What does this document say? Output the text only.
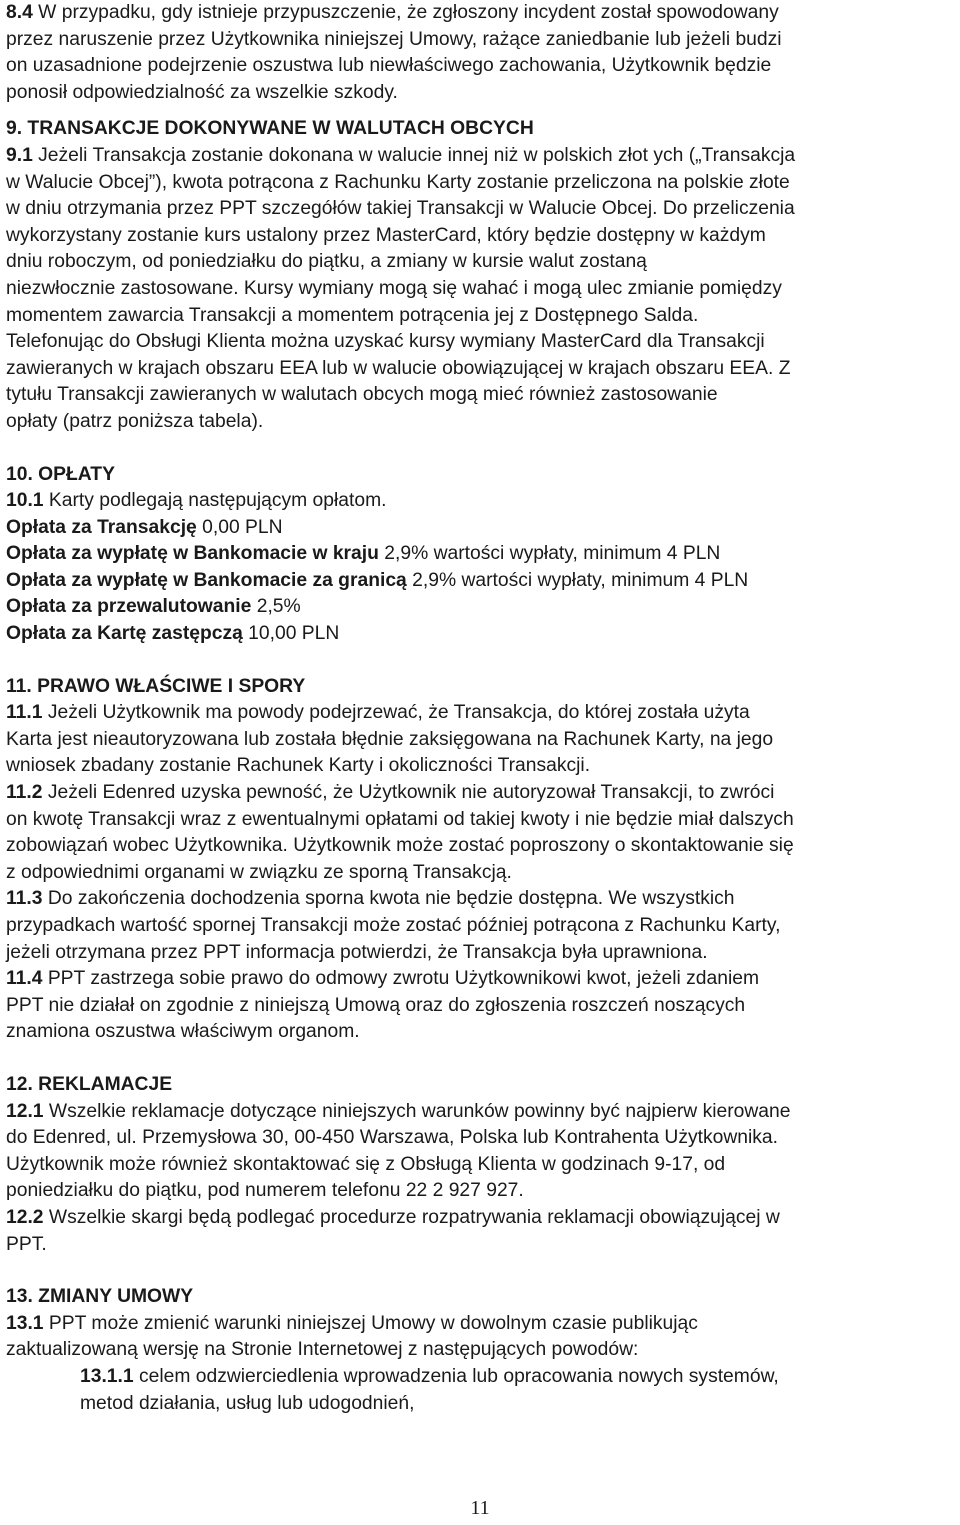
8.4 W przypadku, gdy istnieje przypuszczenie, że zgłoszony incydent został spowodowany
przez naruszenie przez Użytkownika niniejszej Umowy, rażące zaniedbanie lub jeżeli budzi
on uzasadnione podejrzenie oszustwa lub niewłaściwego zachowania, Użytkownik będzie
ponosił odpowiedzialność za wszelkie szkody.
9. TRANSAKCJE DOKONYWANE W WALUTACH OBCYCH
9.1 Jeżeli Transakcja zostanie dokonana w walucie innej niż w polskich złot ych („Transakcja
w Walucie Obcej”), kwota potrącona z Rachunku Karty zostanie przeliczona na polskie złote
w dniu otrzymania przez PPT szczegółów takiej Transakcji w Walucie Obcej. Do przeliczenia
wykorzystany zostanie kurs ustalony przez MasterCard, który będzie dostępny w każdym
dniu roboczym, od poniedziałku do piątku, a zmiany w kursie walut zostaną
niezwłocznie zastosowane. Kursy wymiany mogą się wahać i mogą ulec zmianie pomiędzy
momentem zawarcia Transakcji a momentem potrącenia jej z Dostępnego Salda.
Telefonując do Obsługi Klienta można uzyskać kursy wymiany MasterCard dla Transakcji
zawieranych w krajach obszaru EEA lub w walucie obowiązującej w krajach obszaru EEA. Z
tytułu Transakcji zawieranych w walutach obcych mogą mieć również zastosowanie
opłaty (patrz poniższa tabela).
10. OPŁATY
10.1 Karty podlegają następującym opłatom.
Opłata za Transakcję 0,00 PLN
Opłata za wypłatę w Bankomacie w kraju 2,9% wartości wypłaty, minimum 4 PLN
Opłata za wypłatę w Bankomacie za granicą 2,9% wartości wypłaty, minimum 4 PLN
Opłata za przewalutowanie 2,5%
Opłata za Kartę zastępczą 10,00 PLN
11. PRAWO WŁAŚCIWE I SPORY
11.1 Jeżeli Użytkownik ma powody podejrzewać, że Transakcja, do której została użyta
Karta jest nieautoryzowana lub została błędnie zaksięgowana na Rachunek Karty, na jego
wniosek zbadany zostanie Rachunek Karty i okoliczności Transakcji.
11.2 Jeżeli Edenred uzyska pewność, że Użytkownik nie autoryzował Transakcji, to zwróci
on kwotę Transakcji wraz z ewentualnymi opłatami od takiej kwoty i nie będzie miał dalszych
zobowiązań wobec Użytkownika. Użytkownik może zostać poproszony o skontaktowanie się
z odpowiednimi organami w związku ze sporną Transakcją.
11.3 Do zakończenia dochodzenia sporna kwota nie będzie dostępna. We wszystkich
przypadkach wartość spornej Transakcji może zostać później potrącona z Rachunku Karty,
jeżeli otrzymana przez PPT informacja potwierdzi, że Transakcja była uprawniona.
11.4 PPT zastrzega sobie prawo do odmowy zwrotu Użytkownikowi kwot, jeżeli zdaniem
PPT nie działał on zgodnie z niniejszą Umową oraz do zgłoszenia roszczeń noszących
znamiona oszustwa właściwym organom.
12. REKLAMACJE
12.1 Wszelkie reklamacje dotyczące niniejszych warunków powinny być najpierw kierowane
do Edenred, ul. Przemysłowa 30, 00-450 Warszawa, Polska lub Kontrahenta Użytkownika.
Użytkownik może również skontaktować się z Obsługą Klienta w godzinach 9-17, od
poniedziałku do piątku, pod numerem telefonu 22 2 927 927.
12.2 Wszelkie skargi będą podlegać procedurze rozpatrywania reklamacji obowiązującej w
PPT.
13. ZMIANY UMOWY
13.1 PPT może zmienić warunki niniejszej Umowy w dowolnym czasie publikując
zaktualizowaną wersję na Stronie Internetowej z następujących powodów:
13.1.1 celem odzwierciedlenia wprowadzenia lub opracowania nowych systemów,
metod działania, usług lub udogodnień,
11
